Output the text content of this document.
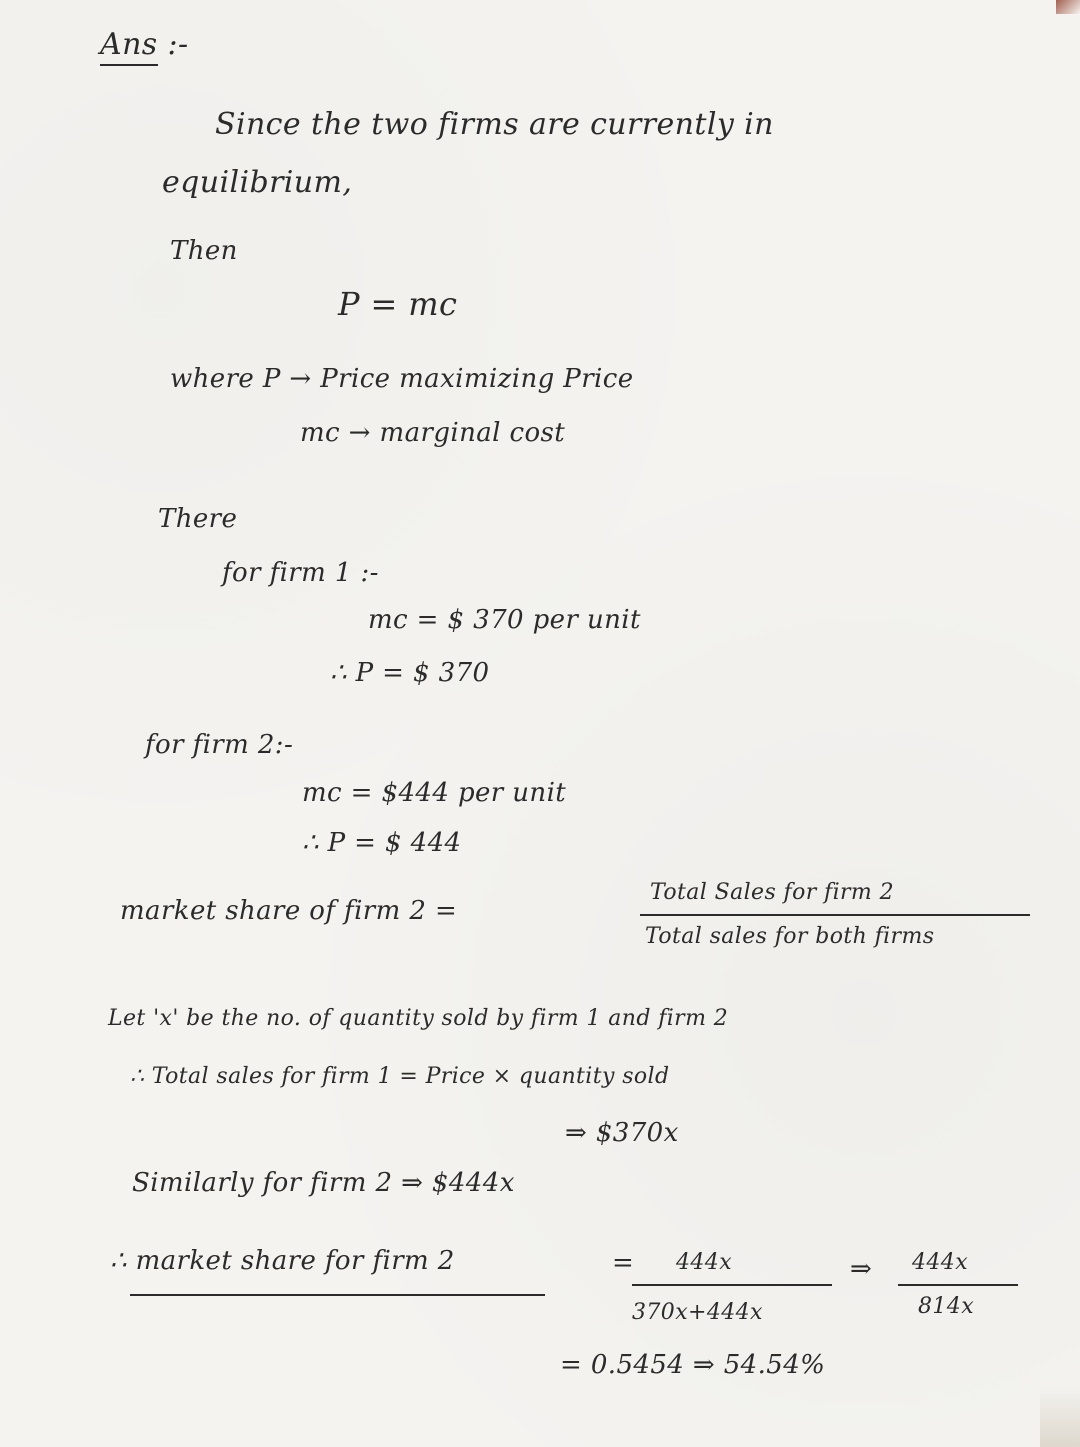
Ans :-
Since the two firms are currently in
equilibrium,
Then
P = mc
where P → Price maximizing Price
mc → marginal cost
There
for firm 1 :-
mc = $ 370 per unit
∴ P = $ 370
for firm 2:-
mc = $444 per unit
∴ P = $ 444
market share of firm 2 =
Total Sales for firm 2
Total sales for both firms
Let 'x' be the no. of quantity sold by firm 1 and firm 2
∴ Total sales for firm 1 = Price × quantity sold
⇒ $370x
Similarly for firm 2 ⇒ $444x
∴ market share for firm 2	= 444x
370x+444x
⇒ 444x
814x
= 0.5454 ⇒ 54.54%
